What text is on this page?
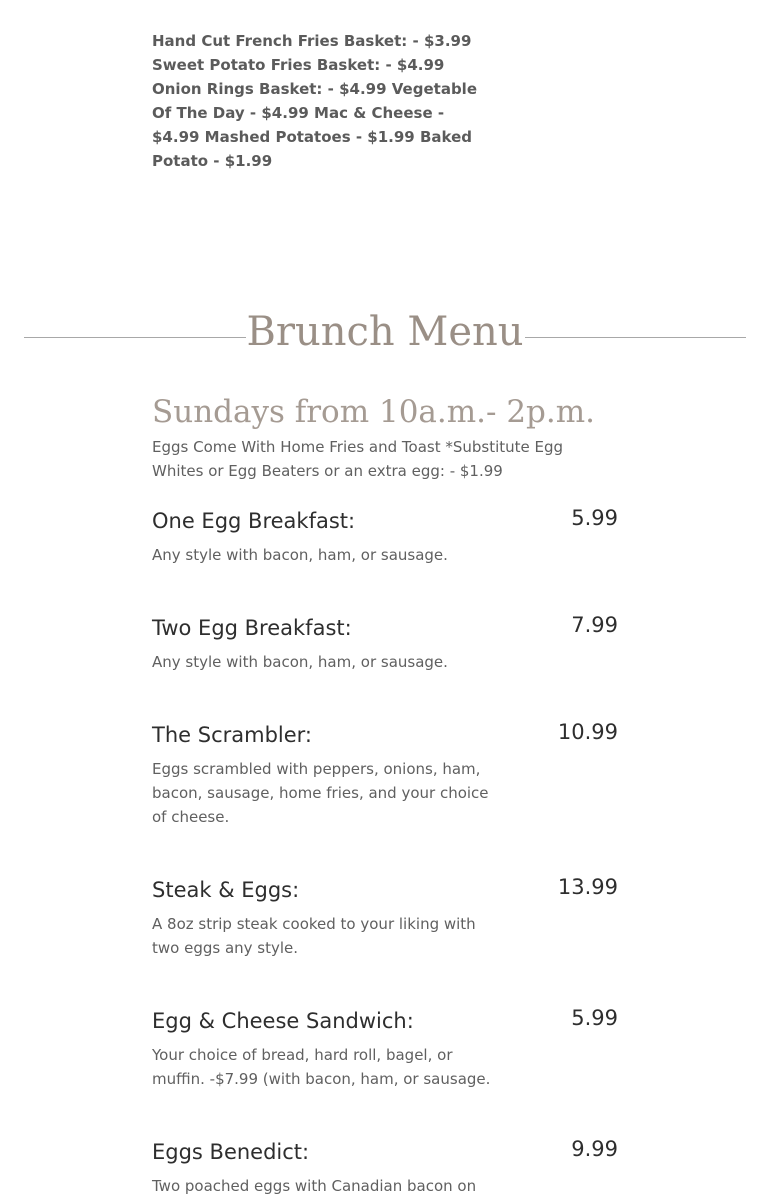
Hand Cut French Fries Basket: - $3.99 Sweet Potato Fries Basket: - $4.99 Onion Rings Basket: - $4.99 Vegetable Of The Day - $4.99 Mac & Cheese - $4.99 Mashed Potatoes - $1.99 Baked Potato - $1.99

Brunch Menu
Sundays from 10a.m.- 2p.m.

Eggs Come With Home Fries and Toast *Substitute Egg Whites or Egg Beaters or an extra egg: - $1.99

One Egg Breakfast:	5.99
Any style with bacon, ham, or sausage.
Two Egg Breakfast:	7.99
Any style with bacon, ham, or sausage.
The Scrambler:	10.99
Eggs scrambled with peppers, onions, ham, bacon, sausage, home fries, and your choice of cheese.
Steak & Eggs:	13.99
A 8oz strip steak cooked to your liking with two eggs any style.
Egg & Cheese Sandwich:	5.99
Your choice of bread, hard roll, bagel, or muffin. -$7.99 (with bacon, ham, or sausage.
Eggs Benedict:	9.99
Two poached eggs with Canadian bacon on
